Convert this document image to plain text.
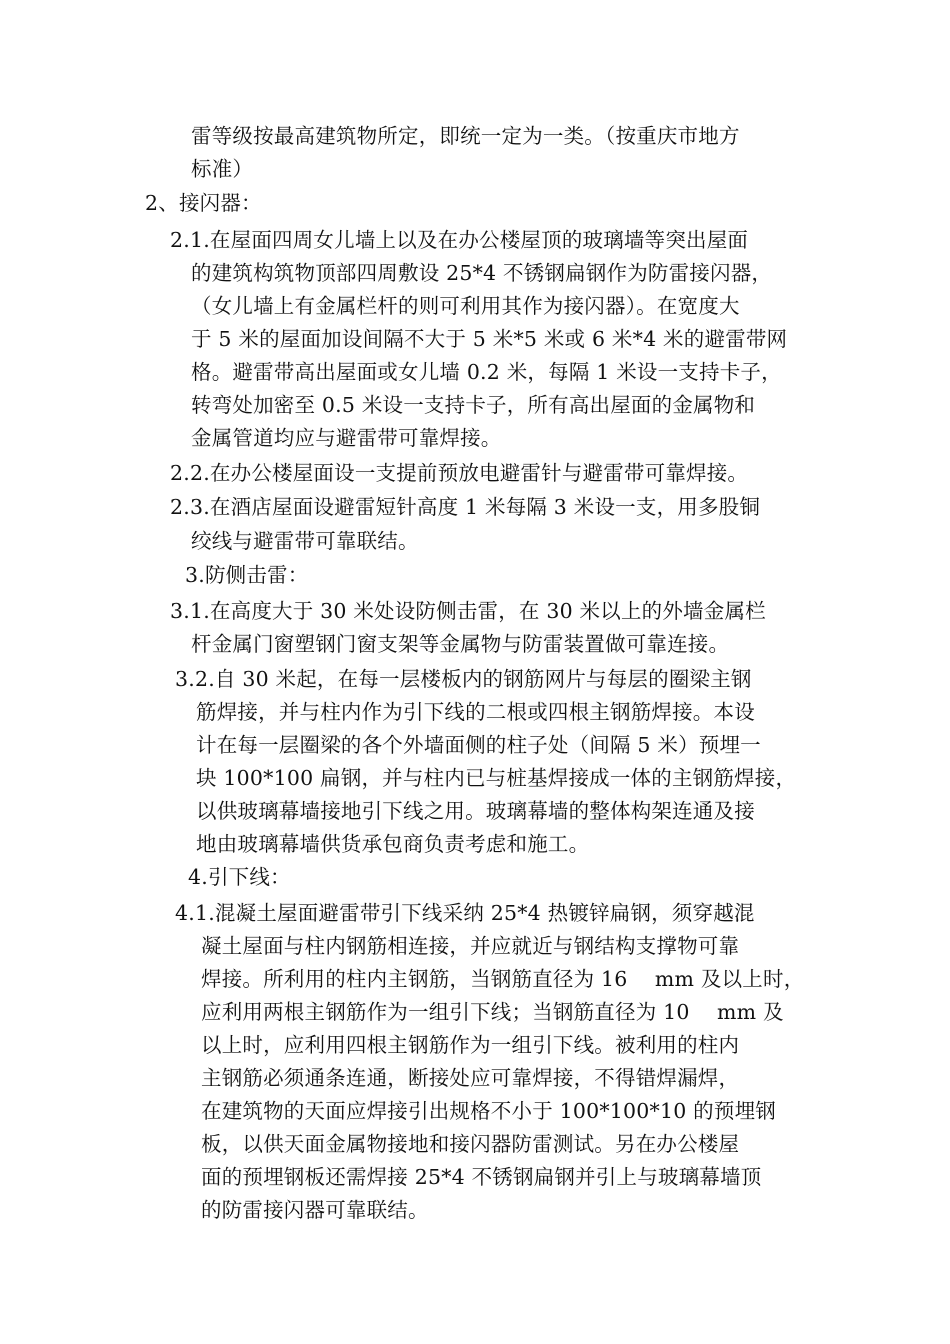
雷等级按最高建筑物所定，即统一定为一类。（按重庆市地方
标准）
2、接闪器：
2.1.在屋面四周女儿墙上以及在办公楼屋顶的玻璃墙等突出屋面
的建筑构筑物顶部四周敷设 25*4 不锈钢扁钢作为防雷接闪器，
（女儿墙上有金属栏杆的则可利用其作为接闪器）。在宽度大
于 5 米的屋面加设间隔不大于 5 米*5 米或 6 米*4 米的避雷带网
格。避雷带高出屋面或女儿墙 0.2 米，每隔 1 米设一支持卡子，
转弯处加密至 0.5 米设一支持卡子，所有高出屋面的金属物和
金属管道均应与避雷带可靠焊接。
2.2.在办公楼屋面设一支提前预放电避雷针与避雷带可靠焊接。
2.3.在酒店屋面设避雷短针高度 1 米每隔 3 米设一支，用多股铜
绞线与避雷带可靠联结。
3.防侧击雷：
3.1.在高度大于 30 米处设防侧击雷，在 30 米以上的外墙金属栏
杆金属门窗塑钢门窗支架等金属物与防雷装置做可靠连接。
3.2.自 30 米起，在每一层楼板内的钢筋网片与每层的圈梁主钢
筋焊接，并与柱内作为引下线的二根或四根主钢筋焊接。本设
计在每一层圈梁的各个外墙面侧的柱子处（间隔 5 米）预埋一
块 100*100 扁钢，并与柱内已与桩基焊接成一体的主钢筋焊接，
以供玻璃幕墙接地引下线之用。玻璃幕墙的整体构架连通及接
地由玻璃幕墙供货承包商负责考虑和施工。
4.引下线：
4.1.混凝土屋面避雷带引下线采纳 25*4 热镀锌扁钢，须穿越混
凝土屋面与柱内钢筋相连接，并应就近与钢结构支撑物可靠
焊接。所利用的柱内主钢筋，当钢筋直径为 16　 mm 及以上时，
应利用两根主钢筋作为一组引下线；当钢筋直径为 10　 mm 及
以上时，应利用四根主钢筋作为一组引下线。被利用的柱内
主钢筋必须通条连通，断接处应可靠焊接，不得错焊漏焊，
在建筑物的天面应焊接引出规格不小于 100*100*10 的预埋钢
板，以供天面金属物接地和接闪器防雷测试。另在办公楼屋
面的预埋钢板还需焊接 25*4 不锈钢扁钢并引上与玻璃幕墙顶
的防雷接闪器可靠联结。
